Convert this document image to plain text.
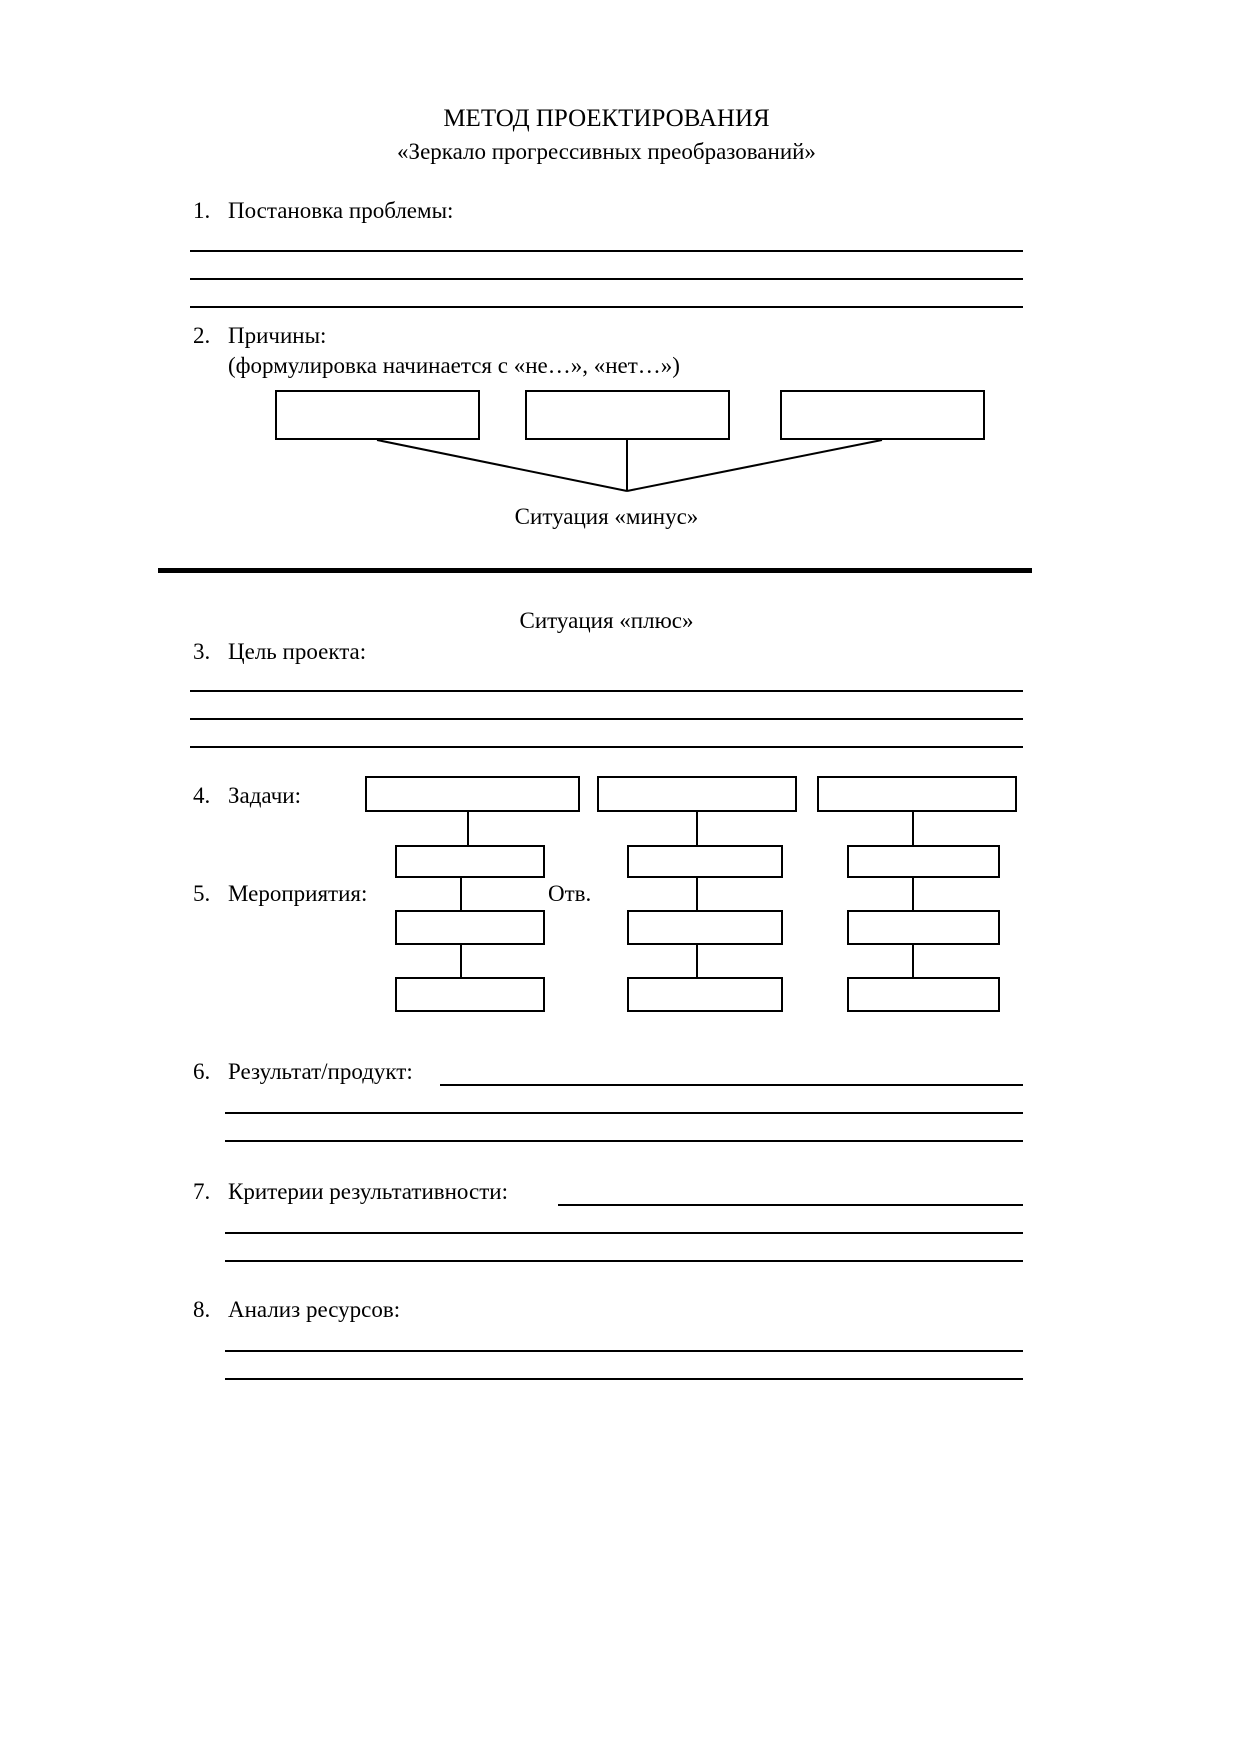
МЕТОД ПРОЕКТИРОВАНИЯ
«Зеркало прогрессивных преобразований»
1. Постановка проблемы:
2. Причины:
(формулировка начинается с «не…», «нет…»)
Ситуация «минус»
Ситуация «плюс»
3. Цель проекта:
4. Задачи:
5. Мероприятия:	Отв.
6. Результат/продукт:
7. Критерии результативности:
8. Анализ ресурсов:
